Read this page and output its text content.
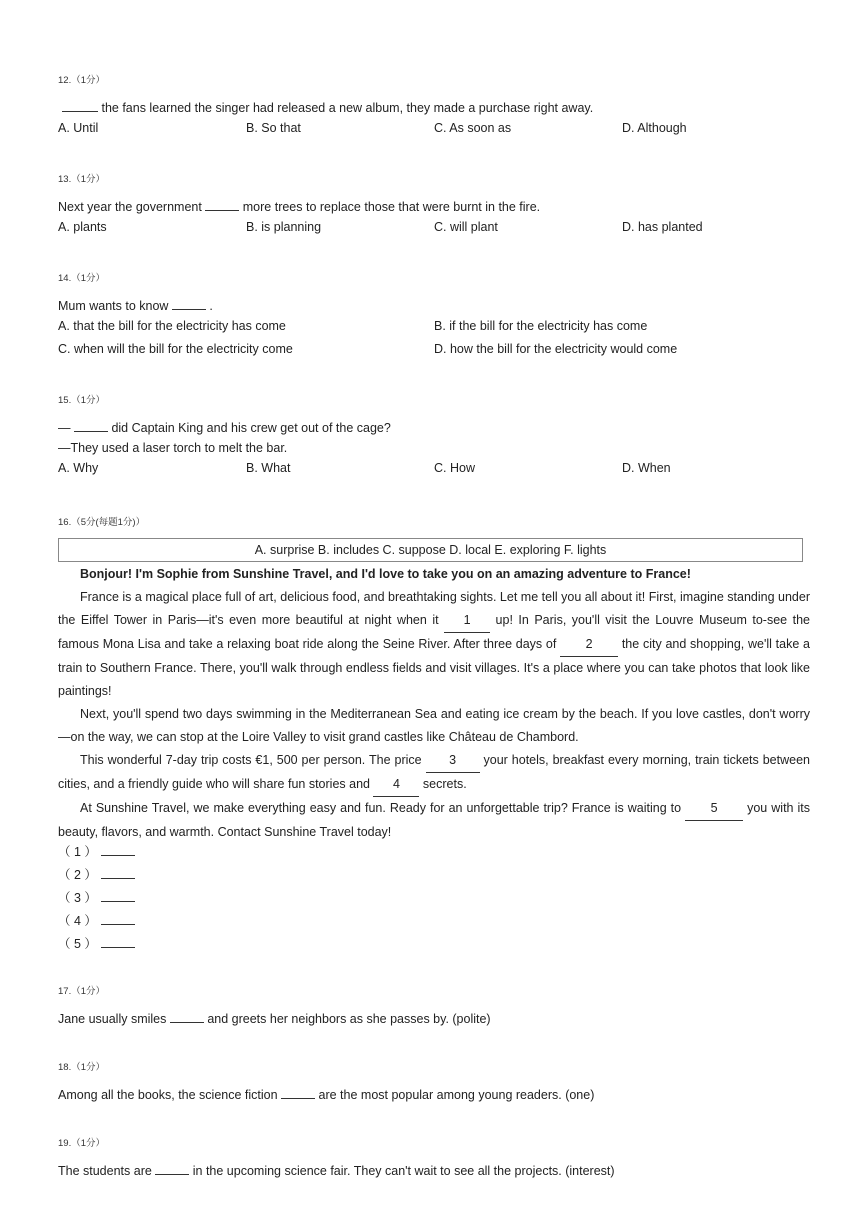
12.（1分）
the fans learned the singer had released a new album, they made a purchase right away.
A. Until	B. So that	C. As soon as	D. Although
13.（1分）
Next year the government	more trees to replace those that were burnt in the fire.
A. plants	B. is planning	C. will plant	D. has planted
14.（1分）
Mum wants to know	.
A. that the bill for the electricity has come	B. if the bill for the electricity has come
C. when will the bill for the electricity come	D. how the bill for the electricity would come
15.（1分）
—	did Captain King and his crew get out of the cage?
—They used a laser torch to melt the bar.
A. Why	B. What	C. How	D. When
16.（5分(每题1分)）
A. surprise B. includes C. suppose D. local E. exploring F. lights
Bonjour! I'm Sophie from Sunshine Travel, and I'd love to take you on an amazing adventure to France!
France is a magical place full of art, delicious food, and breathtaking sights. Let me tell you all about it! First, imagine standing under the Eiffel Tower in Paris—it's even more beautiful at night when it 1 up! In Paris, you'll visit the Louvre Museum to-see the famous Mona Lisa and take a relaxing boat ride along the Seine River. After three days of 2 the city and shopping, we'll take a train to Southern France. There, you'll walk through endless fields and visit villages. It's a place where you can take photos that look like paintings!
Next, you'll spend two days swimming in the Mediterranean Sea and eating ice cream by the beach. If you love castles, don't worry—on the way, we can stop at the Loire Valley to visit grand castles like Château de Chambord.
This wonderful 7-day trip costs €1, 500 per person. The price 3 your hotels, breakfast every morning, train tickets between cities, and a friendly guide who will share fun stories and 4 secrets.
At Sunshine Travel, we make everything easy and fun. Ready for an unforgettable trip? France is waiting to 5 you with its beauty, flavors, and warmth. Contact Sunshine Travel today!
（ 1 ）
（ 2 ）
（ 3 ）
（ 4 ）
（ 5 ）
17.（1分）
Jane usually smiles	and greets her neighbors as she passes by. (polite)
18.（1分）
Among all the books, the science fiction	are the most popular among young readers. (one)
19.（1分）
The students are	in the upcoming science fair. They can't wait to see all the projects. (interest)
